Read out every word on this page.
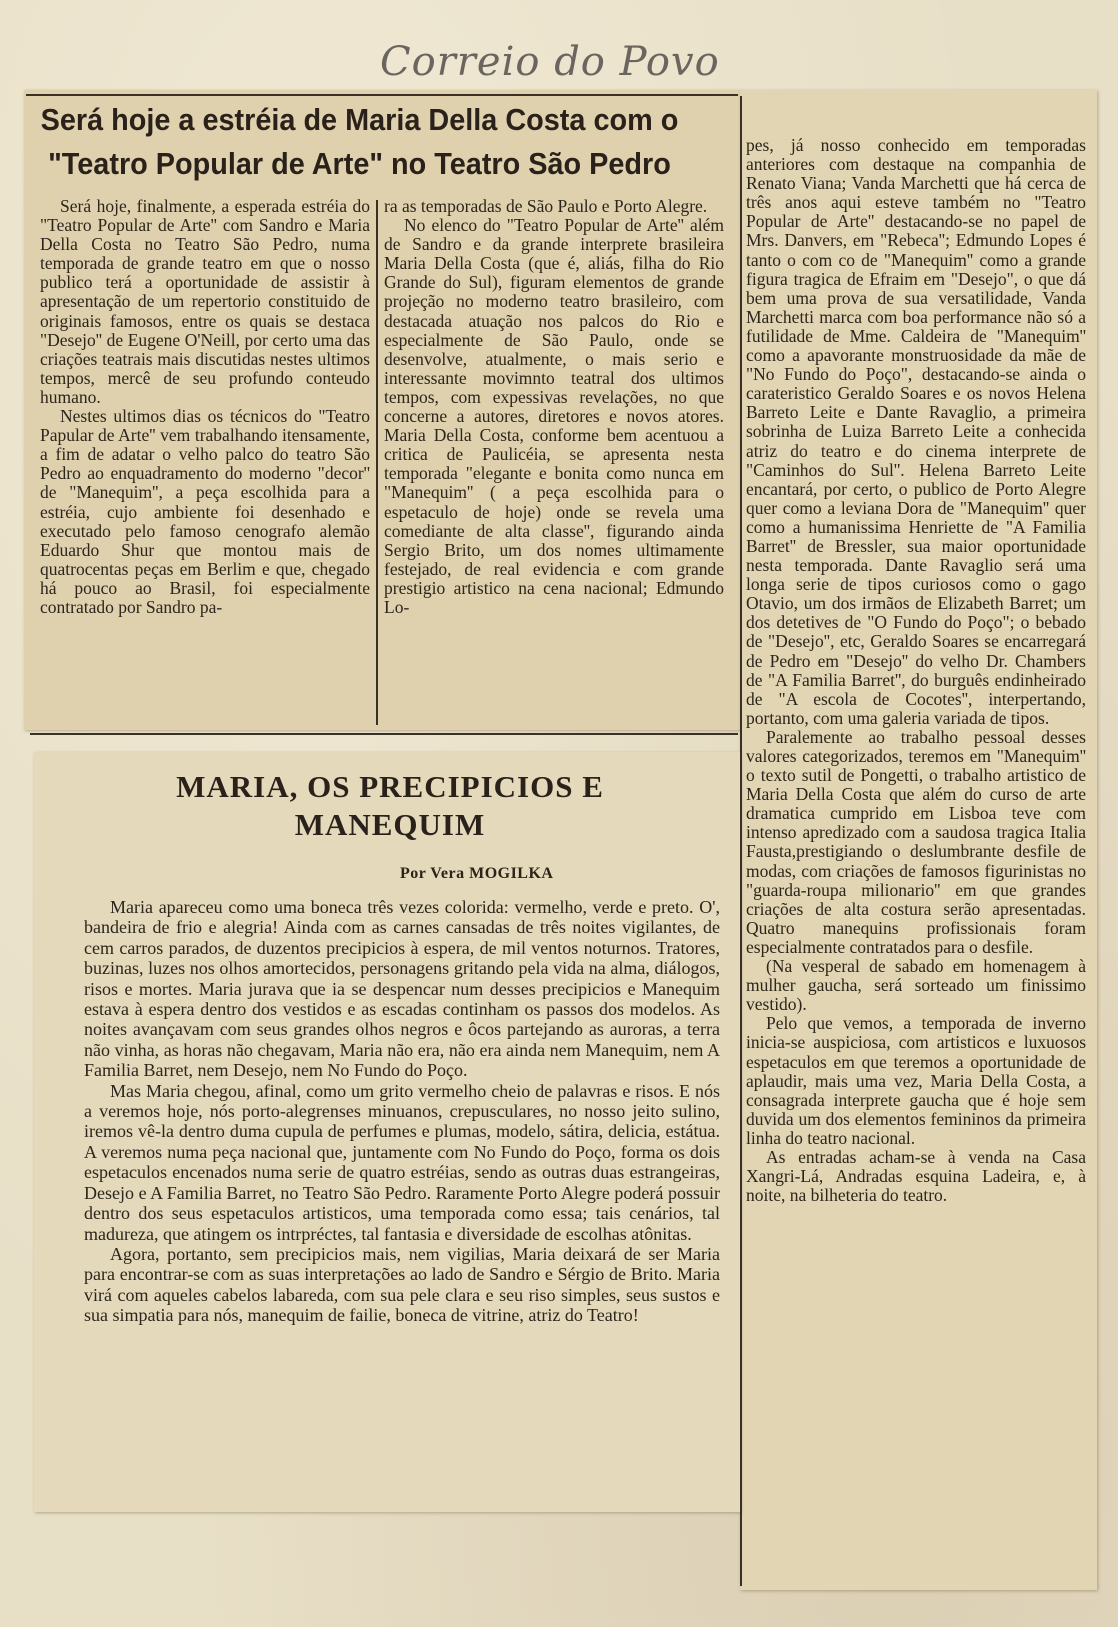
Correio do Povo
Será hoje a estréia de Maria Della Costa com o
"Teatro Popular de Arte" no Teatro São Pedro

Será hoje, finalmente, a esperada estréia do "Teatro Popular de Arte'' com Sandro e Maria Della Costa no Teatro São Pedro, numa temporada de grande teatro em que o nosso publico terá a oportunidade de assistir à apresentação de um repertorio constituido de originais famosos, entre os quais se destaca "Desejo'' de Eugene O'Neill, por certo uma das criações teatrais mais discutidas nestes ultimos tempos, mercê de seu profundo conteudo humano.

Nestes ultimos dias os técnicos do "Teatro Papular de Arte'' vem trabalhando itensamente, a fim de adatar o velho palco do teatro São Pedro ao enquadramento do moderno "decor'' de "Manequim'', a peça escolhida para a estréia, cujo ambiente foi desenhado e executado pelo famoso cenografo alemão Eduardo Shur que montou mais de quatrocentas peças em Berlim e que, chegado há pouco ao Brasil, foi especialmente contratado por Sandro pa-

ra as temporadas de São Paulo e Porto Alegre.

No elenco do "Teatro Popular de Arte'' além de Sandro e da grande interprete brasileira Maria Della Costa (que é, aliás, filha do Rio Grande do Sul), figuram elementos de grande projeção no moderno teatro brasileiro, com destacada atuação nos palcos do Rio e especialmente de São Paulo, onde se desenvolve, atualmente, o mais serio e interessante movimnto teatral dos ultimos tempos, com expessivas revelações, no que concerne a autores, diretores e novos atores. Maria Della Costa, conforme bem acentuou a critica de Paulicéia, se apresenta nesta temporada "elegante e bonita como nunca em "Manequim'' ( a peça escolhida para o espetaculo de hoje) onde se revela uma comediante de alta classe'', figurando ainda Sergio Brito, um dos nomes ultimamente festejado, de real evidencia e com grande prestigio artistico na cena nacional; Edmundo Lo-

pes, já nosso conhecido em temporadas anteriores com destaque na companhia de Renato Viana; Vanda Marchetti que há cerca de três anos aqui esteve também no "Teatro Popular de Arte'' destacando-se no papel de Mrs. Danvers, em "Rebeca''; Edmundo Lopes é tanto o com co de "Manequim'' como a grande figura tragica de Efraim em "Desejo", o que dá bem uma prova de sua versatilidade, Vanda Marchetti marca com boa performance não só a futilidade de Mme. Caldeira de "Manequim'' como a apavorante monstruosidade da mãe de "No Fundo do Poço", destacando-se ainda o carateristico Geraldo Soares e os novos Helena Barreto Leite e Dante Ravaglio, a primeira sobrinha de Luiza Barreto Leite a conhecida atriz do teatro e do cinema interprete de "Caminhos do Sul''. Helena Barreto Leite encantará, por certo, o publico de Porto Alegre quer como a leviana Dora de "Manequim'' quer como a humanissima Henriette de "A Familia Barret'' de Bressler, sua maior oportunidade nesta temporada. Dante Ravaglio será uma longa serie de tipos curiosos como o gago Otavio, um dos irmãos de Elizabeth Barret; um dos detetives de "O Fundo do Poço"; o bebado de "Desejo'', etc, Geraldo Soares se encarregará de Pedro em "Desejo'' do velho Dr. Chambers de "A Familia Barret'', do burguês endinheirado de "A escola de Cocotes'', interpertando, portanto, com uma galeria variada de tipos.

Paralemente ao trabalho pessoal desses valores categorizados, teremos em "Manequim'' o texto sutil de Pongetti, o trabalho artistico de Maria Della Costa que além do curso de arte dramatica cumprido em Lisboa teve com intenso apredizado com a saudosa tragica Italia Fausta,prestigiando o deslumbrante desfile de modas, com criações de famosos figurinistas no "guarda-roupa milionario'' em que grandes criações de alta costura serão apresentadas. Quatro manequins profissionais foram especialmente contratados para o desfile.

(Na vesperal de sabado em homenagem à mulher gaucha, será sorteado um finissimo vestido).

Pelo que vemos, a temporada de inverno inicia-se auspiciosa, com artisticos e luxuosos espetaculos em que teremos a oportunidade de aplaudir, mais uma vez, Maria Della Costa, a consagrada interprete gaucha que é hoje sem duvida um dos elementos femininos da primeira linha do teatro nacional.

As entradas acham-se à venda na Casa Xangri-Lá, Andradas esquina Ladeira, e, à noite, na bilheteria do teatro.

MARIA, OS PRECIPICIOS E
MANEQUIM
Por Vera MOGILKA

Maria apareceu como uma boneca três vezes colorida: vermelho, verde e preto. O', bandeira de frio e alegria! Ainda com as carnes cansadas de três noites vigilantes, de cem carros parados, de duzentos precipicios à espera, de mil ventos noturnos. Tratores, buzinas, luzes nos olhos amortecidos, personagens gritando pela vida na alma, diálogos, risos e mortes. Maria jurava que ia se despencar num desses precipicios e Manequim estava à espera dentro dos vestidos e as escadas continham os passos dos modelos. As noites avançavam com seus grandes olhos negros e ôcos partejando as auroras, a terra não vinha, as horas não chegavam, Maria não era, não era ainda nem Manequim, nem A Familia Barret, nem Desejo, nem No Fundo do Poço.

Mas Maria chegou, afinal, como um grito vermelho cheio de palavras e risos. E nós a veremos hoje, nós porto-alegrenses minuanos, crepusculares, no nosso jeito sulino, iremos vê-la dentro duma cupula de perfumes e plumas, modelo, sátira, delicia, estátua. A veremos numa peça nacional que, juntamente com No Fundo do Poço, forma os dois espetaculos encenados numa serie de quatro estréias, sendo as outras duas estrangeiras, Desejo e A Familia Barret, no Teatro São Pedro. Raramente Porto Alegre poderá possuir dentro dos seus espetaculos artisticos, uma temporada como essa; tais cenários, tal madureza, que atingem os intrpréctes, tal fantasia e diversidade de escolhas atônitas.

Agora, portanto, sem precipicios mais, nem vigilias, Maria deixará de ser Maria para encontrar-se com as suas interpretações ao lado de Sandro e Sérgio de Brito. Maria virá com aqueles cabelos labareda, com sua pele clara e seu riso simples, seus sustos e sua simpatia para nós, manequim de failie, boneca de vitrine, atriz do Teatro!
